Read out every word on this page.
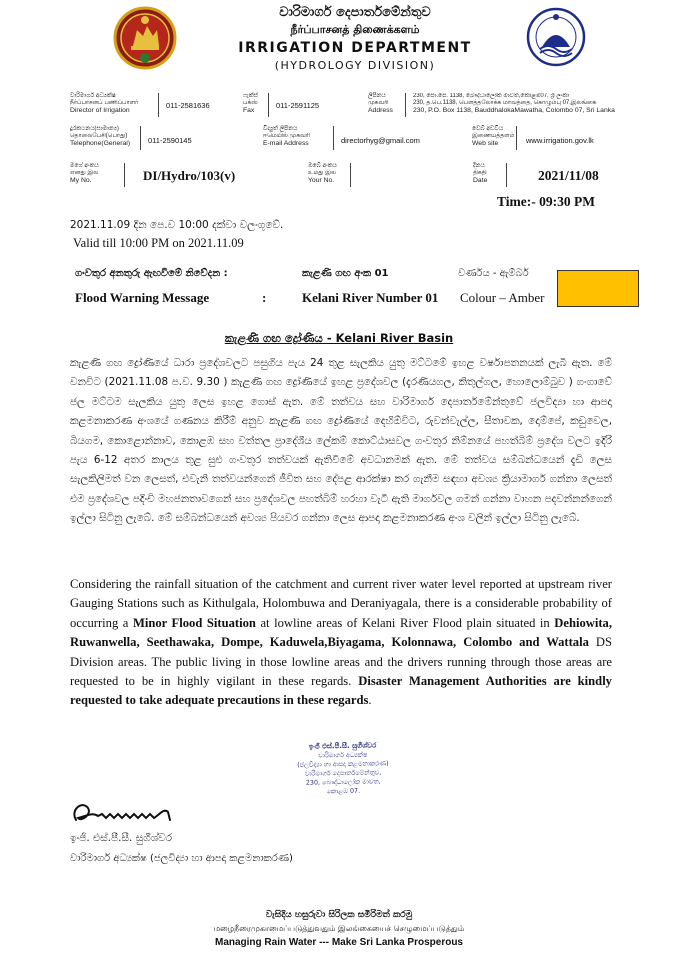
වාරිමාර්ග දෙපාර්තමේන්තුව
நீர்ப்பாசனத் திணைக்களம்
IRRIGATION DEPARTMENT
(HYDROLOGY DIVISION)
වාරිමාර්ග අධ්‍යක්ෂ
நீர்ப்பாசனப் பணிப்பாளர்
Director of Irrigation
011-2581636
ෆැක්ස්
பக்ஸ்
Fax
011-2591125
ලිපිනය
முகவரி
Address
230, පො.පෙ. 1138, බෞද්ධාලෝක මාවත,කොළඹ07, ශ්‍රී ලංකා
230, த.பெ.1138, பௌத்தலோக்க மாவத்தை, கொழும்பு 07,இலங்கை
230, P.O. Box 1138, BauddhalokaMawatha, Colombo 07, Sri Lanka
දුරකථනය(සාමාන්‍ය)
தொலைபேசி(பொது)
Telephone(General)	011-2590145
විද්‍යුත් ලිපිනය
ஈமெயில் முகவரி
E-mail Address	directorhyg@gmail.com
වෙබ් අඩවිය
இணையத்தளம்
Web site	www.irrigation.gov.lk
මගේ අංකය
எனது இல
My No.	DI/Hydro/103(v)
ඔබේ අංකය
உமது இல
Your No.
දිනය
திகதி
Date	2021/11/08
Time:- 09:30 PM
2021.11.09 දින පෙ.ව 10:00 දක්වා වලංගුවේ.
Valid till 10:00 PM on 2021.11.09
ගංවතුර අනතුරු ඇඟවීමේ නිවේදන :
Flood Warning Message	:
කැළණි ගඟ අංක 01
Kelani River Number 01
වර්ණය - ඇම්බර්
Colour – Amber
කැළණි ගඟ ද්‍රෝණිය - Kelani River Basin
කැළණි ගඟ ද්‍රෝණියේ ධාරා ප්‍රදේශවලට පසුගිය පැය 24 තුළ සැලකිය යුතු මට්ටමේ ඉහළ වර්ෂාපතනයක් ලැබී ඇත. මේ වනවිට (2021.11.08 ප.ව. 9.30 ) කැළණි ගඟ ද්‍රෝණියේ ඉහළ ප්‍රදේශවල (දැරණියගල, කිතුල්ගල, හොලොම්බුව ) ගංගාවේ ජල මට්ටම සැලකිය යුතු ලෙස ඉහළ ගොස් ඇත. මේ තත්වය සහ වාරිමාර්ග දෙපාර්තමේන්තුවේ ජලවිද්‍යා හා ආපදා කළමනාකරණ අංශයේ ගණනය කිරීම් අනුව කැළණි ගඟ ද්‍රෝණියේ දෙහිඕවිට, රුවන්වැල්ල, සීතාවක, දොම්පේ, කඩුවෙල, බියගම, කොළොන්නාව, කොළඹ සහ වත්තල ප්‍රාදේශීය ලේකම් කොට්ඨාසවල ගංවතුර නිම්නයේ පහත්බිම් ප්‍රදේශ වලට ඉදිරි පැය 6-12 අතර කාලය තුළ සුළු ගංවතුර තත්වයක් ඇතිවීමේ අවධානමක් ඇත. මේ තත්වය සම්බන්ධයෙන් දැඩි ලෙස සැලකිලිමත් වන ලෙසත්, එවැනි තත්වයන්ගෙන් ජීවිත සහ දේපළ ආරක්ෂා කර ගැනීම සඳහා අවශ්‍ය ක්‍රියාමාර්ග ගන්නා ලෙසත් එම ප්‍රදේශවල පදිංචි මහජනතාවගෙන් සහ ප්‍රදේශවල පහත්බිම් හරහා වැටී ඇති මාර්ගවල ගමන් ගන්නා වාහන පදවන්නන්ගෙන් ඉල්ලා සිටිනු ලැබේ. මේ සම්බන්ධයෙන් අවශ්‍ය පියවර ගන්නා ලෙස ආපදා කළමනාකරණ අංශ වලින් ඉල්ලා සිටිනු ලැබේ.
Considering the rainfall situation of the catchment and current river water level reported at upstream river Gauging Stations such as Kithulgala, Holombuwa and Deraniyagala, there is a considerable probability of occurring a Minor Flood Situation at lowline areas of Kelani River Flood plain situated in Dehiowita, Ruwanwella, Seethawaka, Dompe, Kaduwela,Biyagama, Kolonnawa, Colombo and Wattala DS Division areas. The public living in those lowline areas and the drivers running through those areas are requested to be in highly vigilant in these regards. Disaster Management Authorities are kindly requested to take adequate precautions in these regards.
ඉංජි එස්.පී.සී. සුගීශ්වර
වාරිමාර්ග අධ්‍යක්ෂ
(ජලවිද්‍යා හා ආපදා කළමනාකරණ)
වාරිමාර්ග දෙපාර්තමේන්තුව,
230, බෞද්ධාලෝක මාවත,
කොළඹ 07.
ඉංජි. එස්.පී.සී. සුගීශ්වර
වාරිමාර්ග අධ්‍යක්ෂ (ජලවිද්‍යා හා ආපදා කළමනාකරණ)
වැසිදිය හසුරුවා සිරිලක සමිරිමත් කරමු
மழைநீரைமுகாமைப்படுத்துவதும் இலங்கையைச் செழுமைப்படுத்தும்
Managing Rain Water --- Make Sri Lanka Prosperous
